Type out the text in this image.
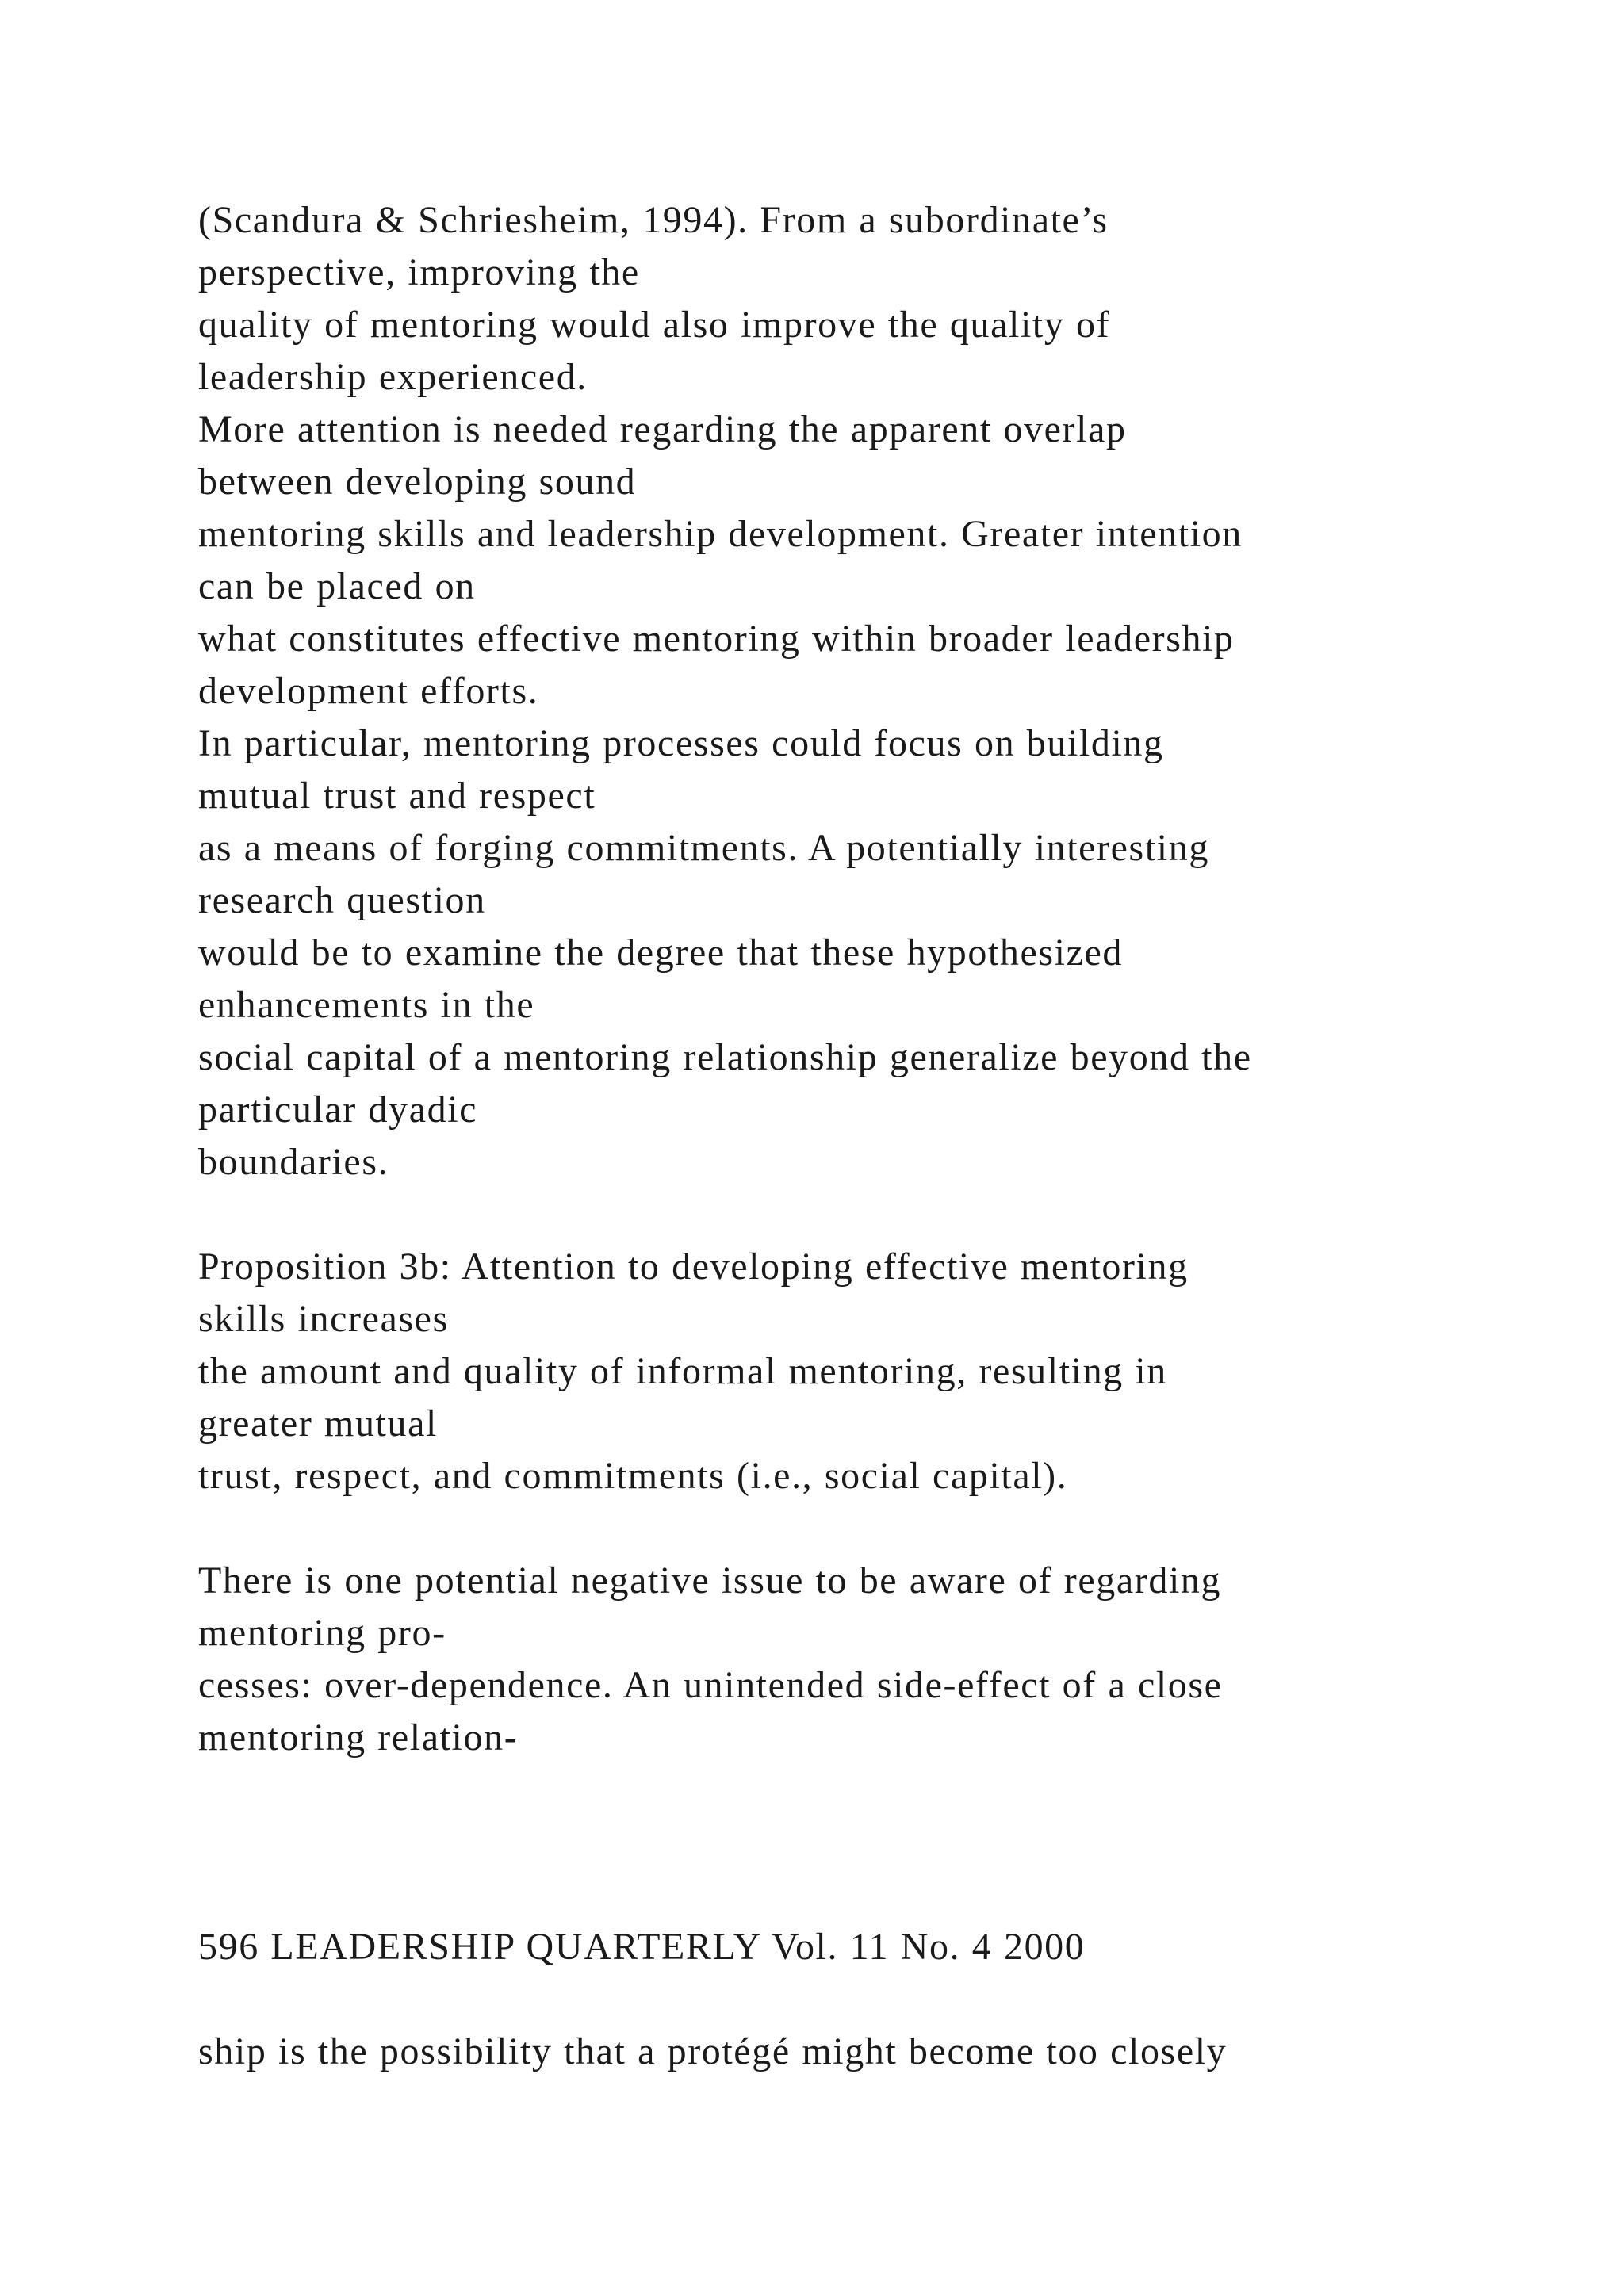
(Scandura & Schriesheim, 1994). From a subordinate’s
perspective, improving the
quality of mentoring would also improve the quality of
leadership experienced.
More attention is needed regarding the apparent overlap
between developing sound
mentoring skills and leadership development. Greater intention
can be placed on
what constitutes effective mentoring within broader leadership
development efforts.
In particular, mentoring processes could focus on building
mutual trust and respect
as a means of forging commitments. A potentially interesting
research question
would be to examine the degree that these hypothesized
enhancements in the
social capital of a mentoring relationship generalize beyond the
particular dyadic
boundaries.
Proposition 3b: Attention to developing effective mentoring
skills increases
the amount and quality of informal mentoring, resulting in
greater mutual
trust, respect, and commitments (i.e., social capital).
There is one potential negative issue to be aware of regarding
mentoring pro-
cesses: over-dependence. An unintended side-effect of a close
mentoring relation-
596 LEADERSHIP QUARTERLY Vol. 11 No. 4 2000
ship is the possibility that a protégé might become too closely
